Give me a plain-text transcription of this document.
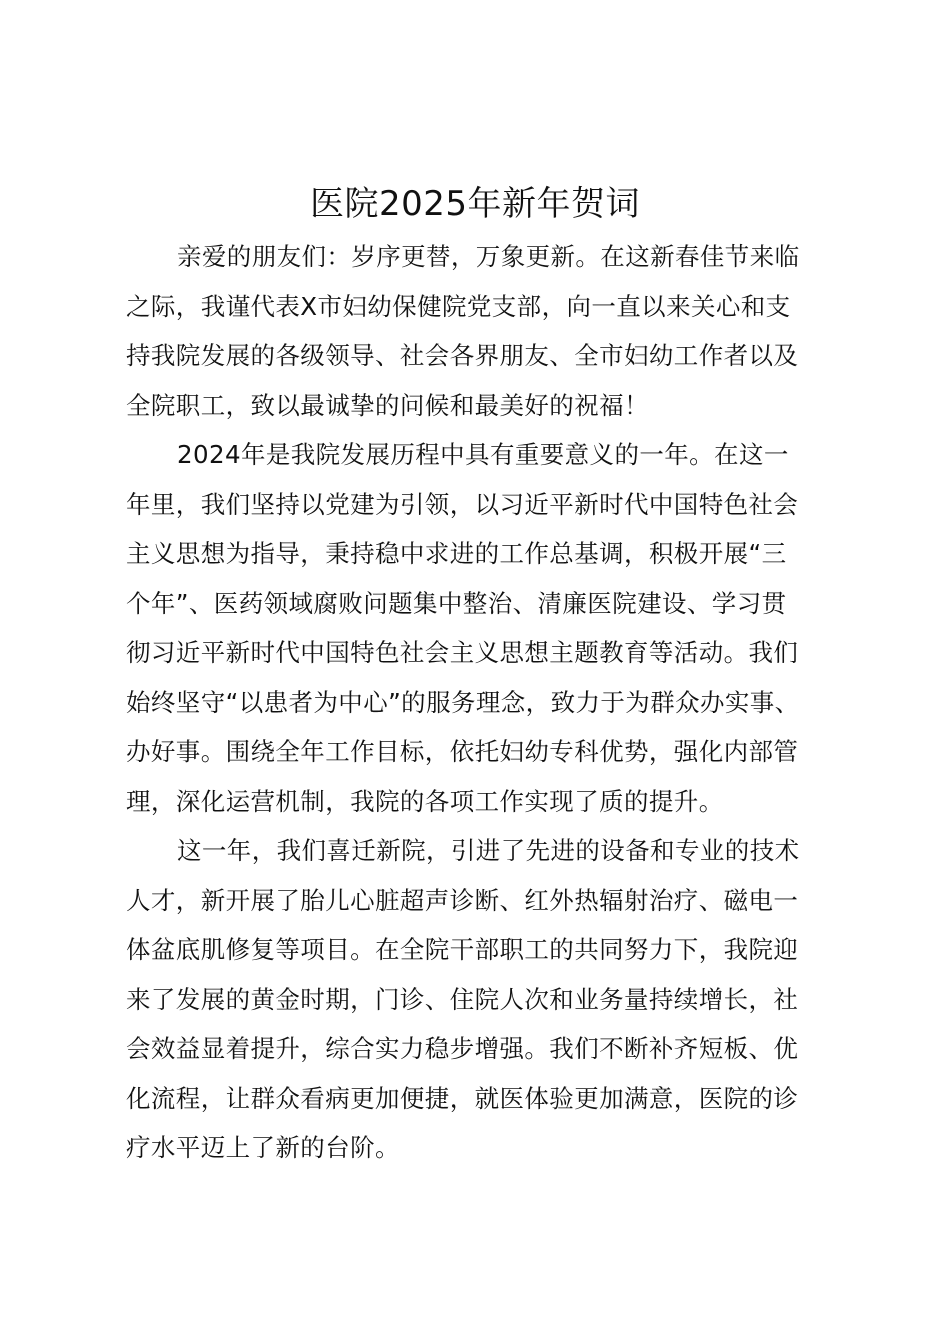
医院2025年新年贺词
亲爱的朋友们：岁序更替，万象更新。在这新春佳节来临
之际，我谨代表X市妇幼保健院党支部，向一直以来关心和支
持我院发展的各级领导、社会各界朋友、全市妇幼工作者以及
全院职工，致以最诚挚的问候和最美好的祝福！
2024年是我院发展历程中具有重要意义的一年。在这一
年里，我们坚持以党建为引领，以习近平新时代中国特色社会
主义思想为指导，秉持稳中求进的工作总基调，积极开展“三
个年”、医药领域腐败问题集中整治、清廉医院建设、学习贯
彻习近平新时代中国特色社会主义思想主题教育等活动。我们
始终坚守“以患者为中心”的服务理念，致力于为群众办实事、
办好事。围绕全年工作目标，依托妇幼专科优势，强化内部管
理，深化运营机制，我院的各项工作实现了质的提升。
这一年，我们喜迁新院，引进了先进的设备和专业的技术
人才，新开展了胎儿心脏超声诊断、红外热辐射治疗、磁电一
体盆底肌修复等项目。在全院干部职工的共同努力下，我院迎
来了发展的黄金时期，门诊、住院人次和业务量持续增长，社
会效益显着提升，综合实力稳步增强。我们不断补齐短板、优
化流程，让群众看病更加便捷，就医体验更加满意，医院的诊
疗水平迈上了新的台阶。
